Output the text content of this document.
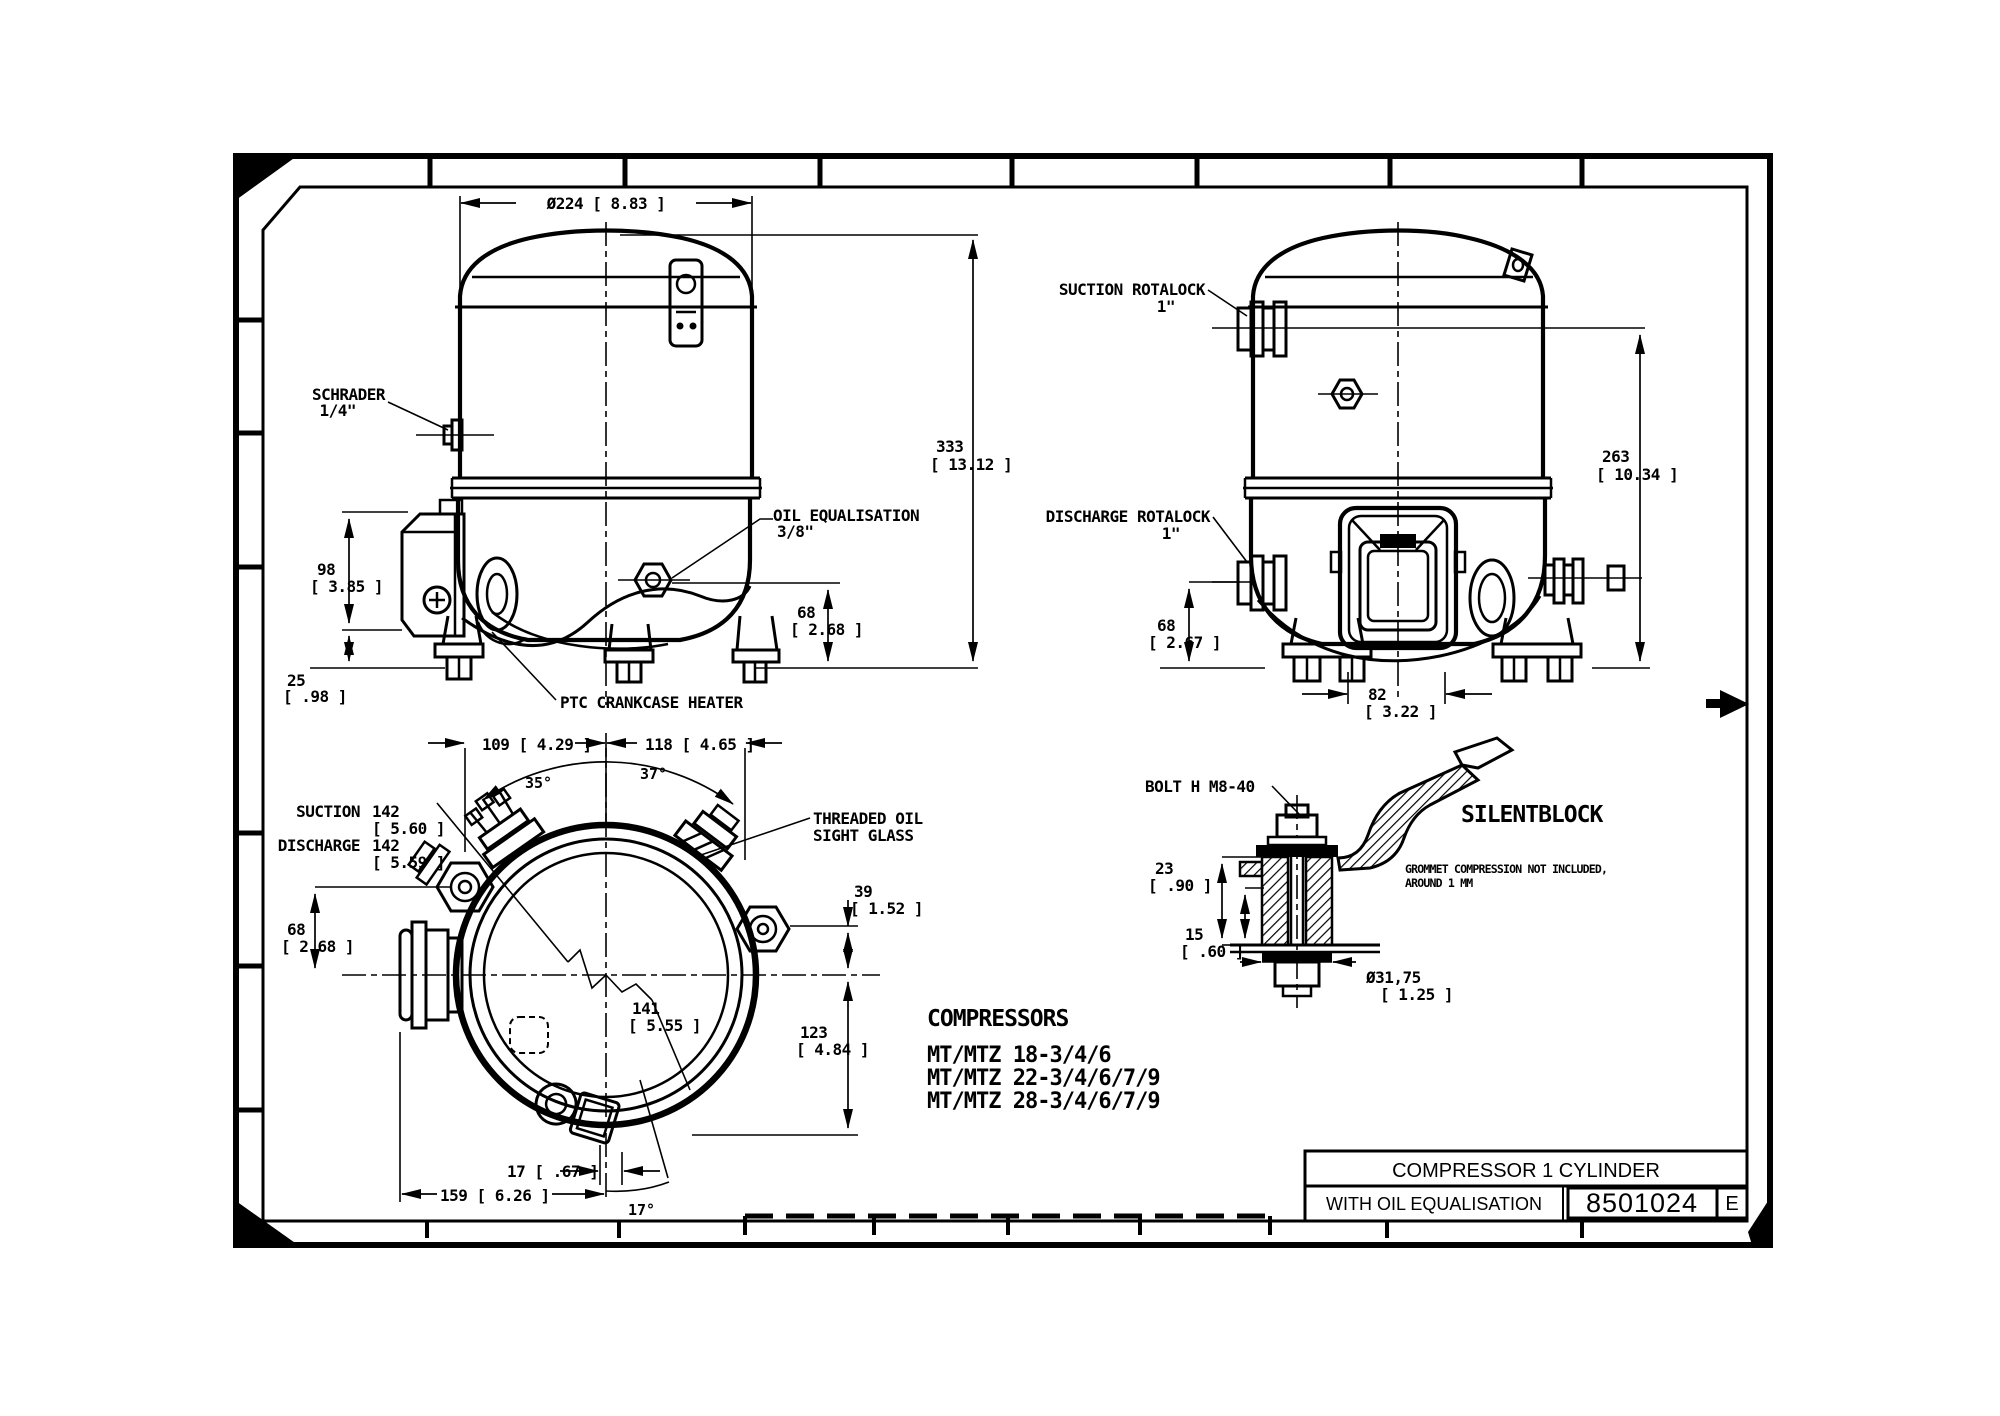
Ø224 [ 8.83 ]
SCHRADER
1/4"
333
[ 13.12 ]
OIL EQUALISATION
3/8"
68
[ 2.68 ]
98
[ 3.85 ]
25
[ .98 ]	PTC CRANKCASE HEATER
SUCTION ROTALOCK
1"
DISCHARGE ROTALOCK
1"
263
[ 10.34 ]
68
[ 2.67 ]
82
[ 3.22 ]
109 [ 4.29 ]	118 [ 4.65 ]
35°	37°
SUCTION 142
[ 5.60 ]
DISCHARGE 142
[ 5.59 ]
68
[ 2.68 ]
THREADED OIL
SIGHT GLASS
39
[ 1.52 ]
123
[ 4.84 ]
141
[ 5.55 ]
17 [ .67 ]
159 [ 6.26 ]
17°
BOLT H M8-40
SILENTBLOCK
23
[ .90 ]
15
[ .60 ]
Ø31,75
[ 1.25 ]
GROMMET COMPRESSION NOT INCLUDED,
AROUND 1 MM
COMPRESSORS
MT/MTZ 18-3/4/6
MT/MTZ 22-3/4/6/7/9
MT/MTZ 28-3/4/6/7/9
COMPRESSOR 1 CYLINDER
WITH OIL EQUALISATION 8501024 E
